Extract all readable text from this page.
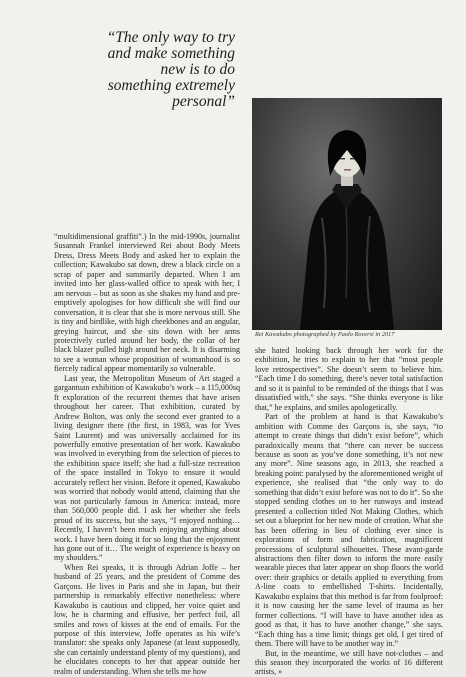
“The only way to try and make something new is to do something extremely personal”

Rei Kawakubo photographed by Paolo Roversi in 2017

“multidimensional graffiti”.) In the mid-1990s, journalist Susannah Frankel interviewed Rei about Body Meets Dress, Dress Meets Body and asked her to explain the collection; Kawakubo sat down, drew a black circle on a scrap of paper and summarily departed. When I am invited into her glass-walled office to speak with her, I am nervous – but as soon as she shakes my hand and pre-emptively apologises for how difficult she will find our conversation, it is clear that she is more nervous still. She is tiny and birdlike, with high cheekbones and an angular, greying haircut, and she sits down with her arms protectively curled around her body, the collar of her black blazer pulled high around her neck. It is disarming to see a woman whose proposition of womanhood is so fiercely radical appear momentarily so vulnerable.

Last year, the Metropolitan Museum of Art staged a gargantuan exhibition of Kawakubo’s work – a 115,000sq ft exploration of the recurrent themes that have arisen throughout her career. That exhibition, curated by Andrew Bolton, was only the second ever granted to a living designer there (the first, in 1983, was for Yves Saint Laurent) and was universally acclaimed for its powerfully emotive presentation of her work. Kawakubo was involved in everything from the selection of pieces to the exhibition space itself; she had a full-size recreation of the space installed in Tokyo to ensure it would accurately reflect her vision. Before it opened, Kawakubo was worried that nobody would attend, claiming that she was not particularly famous in America: instead, more than 560,000 people did. I ask her whether she feels proud of its success, but she says, “I enjoyed nothing… Recently, I haven’t been much enjoying anything about work. I have been doing it for so long that the enjoyment has gone out of it… The weight of experience is heavy on my shoulders.”

When Rei speaks, it is through Adrian Joffe – her husband of 25 years, and the president of Comme des Garçons. He lives in Paris and she in Japan, but their partnership is remarkably effective nonetheless: where Kawakubo is cautious and clipped, her voice quiet and low, he is charming and effusive, her perfect foil, all smiles and rows of kisses at the end of emails. For the purpose of this interview, Joffe operates as his wife’s translator: she speaks only Japanese (at least supposedly, she can certainly understand plenty of my questions), and he elucidates concepts to her that appear outside her realm of understanding. When she tells me how

she hated looking back through her work for the exhibition, he tries to explain to her that “most people love retrospectives”. She doesn’t seem to believe him. “Each time I do something, there’s never total satisfaction and so it is painful to be reminded of the things that I was dissatisfied with,” she says. “She thinks everyone is like that,” he explains, and smiles apologetically.

Part of the problem at hand is that Kawakubo’s ambition with Comme des Garçons is, she says, “to attempt to create things that didn’t exist before”, which paradoxically means that “there can never be success because as soon as you’ve done something, it’s not new any more”. Nine seasons ago, in 2013, she reached a breaking point: paralysed by the aforementioned weight of experience, she realised that “the only way to do something that didn’t exist before was not to do it”. So she stopped sending clothes on to her runways and instead presented a collection titled Not Making Clothes, which set out a blueprint for her new mode of creation. What she has been offering in lieu of clothing ever since is explorations of form and fabrication, magnificent processions of sculptural silhouettes. These avant-garde abstractions then filter down to inform the more easily wearable pieces that later appear on shop floors the world over: their graphics or details applied to everything from A-line coats to embellished T-shirts. Incidentally, Kawakubo explains that this method is far from foolproof: it is now causing her the same level of trauma as her former collections. “I will have to have another idea as good as that, it has to have another change,” she says. “Each thing has a time limit; things get old, I get tired of them. There will have to be another way in.”

But, in the meantime, we still have not-clothes – and this season they incorporated the works of 16 different artists, »
